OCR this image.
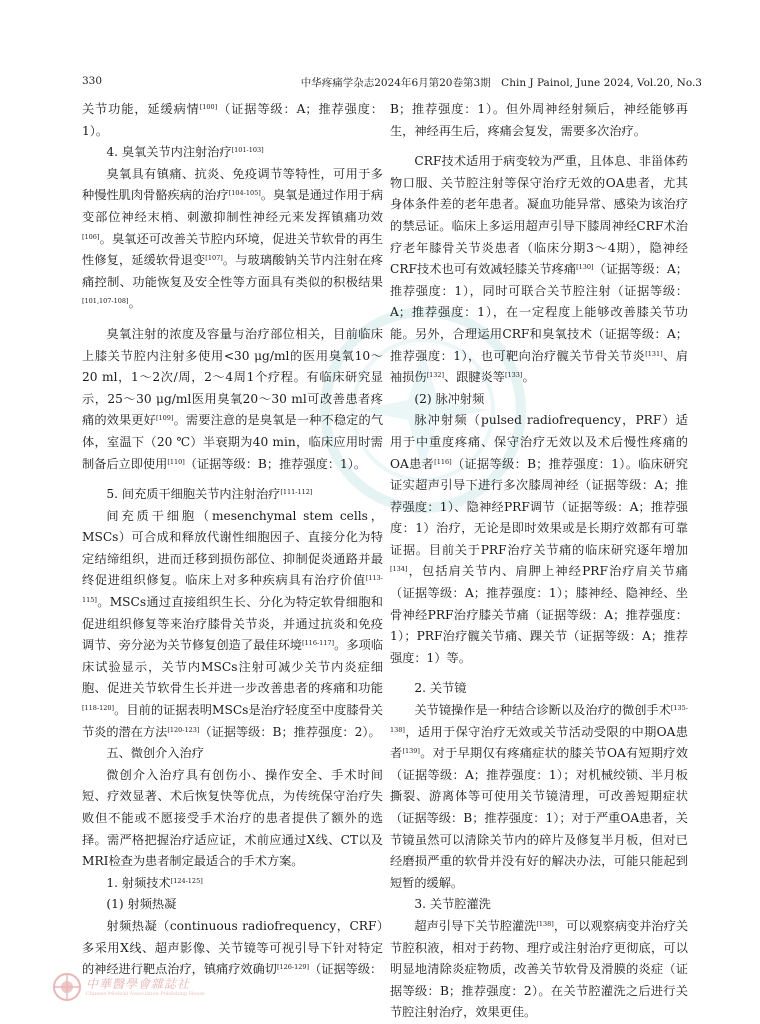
330	中华疼痛学杂志2024年6月第20卷第3期　Chin J Painol, June 2024, Vol.20, No.3

关节功能，延缓病情[100]（证据等级：A；推荐强度：1）。

4. 臭氧关节内注射治疗[101-103]

臭氧具有镇痛、抗炎、免疫调节等特性，可用于多种慢性肌肉骨骼疾病的治疗[104-105]。臭氧是通过作用于病变部位神经末梢、刺激抑制性神经元来发挥镇痛功效[106]。臭氧还可改善关节腔内环境，促进关节软骨的再生性修复，延缓软骨退变[107]。与玻璃酸钠关节内注射在疼痛控制、功能恢复及安全性等方面具有类似的积极结果[101,107-108]。

臭氧注射的浓度及容量与治疗部位相关，目前临床上膝关节腔内注射多使用<30 μg/ml的医用臭氧10～20 ml，1～2次/周，2～4周1个疗程。有临床研究显示，25～30 μg/ml医用臭氧20～30 ml可改善患者疼痛的效果更好[109]。需要注意的是臭氧是一种不稳定的气体，室温下（20 ℃）半衰期为40 min，临床应用时需制备后立即使用[110]（证据等级：B；推荐强度：1）。

5. 间充质干细胞关节内注射治疗[111-112]

间充质干细胞（mesenchymal stem cells，MSCs）可合成和释放代谢性细胞因子、直接分化为特定结缔组织，进而迁移到损伤部位、抑制促炎通路并最终促进组织修复。临床上对多种疾病具有治疗价值[113-115]。MSCs通过直接组织生长、分化为特定软骨细胞和促进组织修复等来治疗膝骨关节炎，并通过抗炎和免疫调节、旁分泌为关节修复创造了最佳环境[116-117]。多项临床试验显示，关节内MSCs注射可减少关节内炎症细胞、促进关节软骨生长并进一步改善患者的疼痛和功能[118-120]。目前的证据表明MSCs是治疗轻度至中度膝骨关节炎的潜在方法[120-123]（证据等级：B；推荐强度：2）。

五、微创介入治疗

微创介入治疗具有创伤小、操作安全、手术时间短、疗效显著、术后恢复快等优点，为传统保守治疗失败但不能或不愿接受手术治疗的患者提供了额外的选择。需严格把握治疗适应证，术前应通过X线、CT以及MRI检查为患者制定最适合的手术方案。

1. 射频技术[124-125]

(1) 射频热凝

射频热凝（continuous radiofrequency，CRF）多采用X线、超声影像、关节镜等可视引导下针对特定的神经进行靶点治疗，镇痛疗效确切[126-129]（证据等级：

B；推荐强度：1）。但外周神经射频后，神经能够再生，神经再生后，疼痛会复发，需要多次治疗。

CRF技术适用于病变较为严重，且体息、非甾体药物口服、关节腔注射等保守治疗无效的OA患者，尤其身体条件差的老年患者。凝血功能异常、感染为该治疗的禁忌证。临床上多运用超声引导下膝周神经CRF术治疗老年膝骨关节炎患者（临床分期3～4期），隐神经CRF技术也可有效减轻膝关节疼痛[130]（证据等级：A；推荐强度：1），同时可联合关节腔注射（证据等级：A；推荐强度：1），在一定程度上能够改善膝关节功能。另外，合理运用CRF和臭氧技术（证据等级：A；推荐强度：1），也可靶向治疗髋关节骨关节炎[131]、肩袖损伤[132]、跟腱炎等[133]。

(2) 脉冲射频

脉冲射频（pulsed radiofrequency，PRF）适用于中重度疼痛、保守治疗无效以及术后慢性疼痛的OA患者[116]（证据等级：B；推荐强度：1）。临床研究证实超声引导下进行多次膝周神经（证据等级：A；推荐强度：1）、隐神经PRF调节（证据等级：A；推荐强度：1）治疗，无论是即时效果或是长期疗效都有可靠证据。目前关于PRF治疗关节痛的临床研究逐年增加[134]，包括肩关节内、肩胛上神经PRF治疗肩关节痛（证据等级：A；推荐强度：1）；膝神经、隐神经、坐骨神经PRF治疗膝关节痛（证据等级：A；推荐强度：1）；PRF治疗髋关节痛、踝关节（证据等级：A；推荐强度：1）等。

2. 关节镜

关节镜操作是一种结合诊断以及治疗的微创手术[135-138]，适用于保守治疗无效或关节活动受限的中期OA患者[139]。对于早期仅有疼痛症状的膝关节OA有短期疗效（证据等级：A；推荐强度：1）；对机械绞锁、半月板撕裂、游离体等可使用关节镜清理，可改善短期症状（证据等级：B；推荐强度：1）；对于严重OA患者，关节镜虽然可以清除关节内的碎片及修复半月板，但对已经磨损严重的软骨并没有好的解决办法，可能只能起到短暂的缓解。

3. 关节腔灌洗

超声引导下关节腔灌洗[138]，可以观察病变并治疗关节腔积液，相对于药物、理疗或注射治疗更彻底，可以明显地清除炎症物质，改善关节软骨及滑膜的炎症（证据等级：B；推荐强度：2）。在关节腔灌洗之后进行关节腔注射治疗，效果更佳。

中華醫學會雜誌社
Chinese Medical Association Publishing House
